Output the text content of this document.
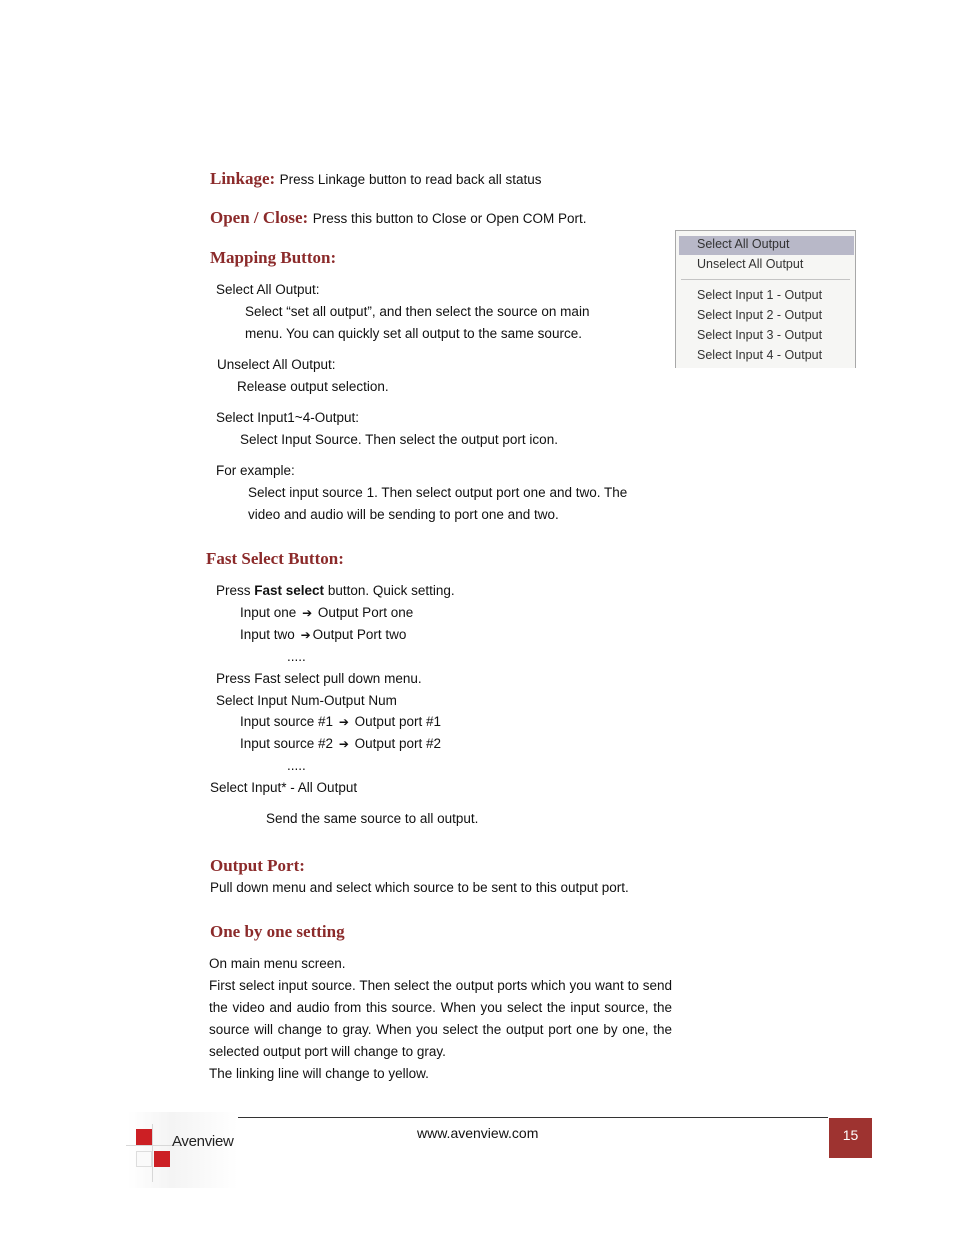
Linkage: Press Linkage button to read back all status
Open / Close: Press this button to Close or Open COM Port.
Mapping Button:
Select All Output:
Select “set all output”, and then select the source on main
menu. You can quickly set all output to the same source.
Unselect All Output:
Release output selection.
Select Input1~4-Output:
Select Input Source. Then select the output port icon.
For example:
Select input source 1. Then select output port one and two. The
video and audio will be sending to port one and two.
Select All Output
Unselect All Output
Select Input 1 - Output
Select Input 2 - Output
Select Input 3 - Output
Select Input 4 - Output
Fast Select Button:
Press Fast select button. Quick setting.
Input one ➔ Output Port one
Input two ➔ Output Port two
.....
Press Fast select pull down menu.
Select Input Num-Output Num
Input source #1 ➔ Output port #1
Input source #2 ➔ Output port #2
.....
Select Input* - All Output
Send the same source to all output.
Output Port:
Pull down menu and select which source to be sent to this output port.
One by one setting
On main menu screen.
First select input source. Then select the output ports which you want to send the video and audio from this source. When you select the input source, the source will change to gray. When you select the output port one by one, the selected output port will change to gray.
The linking line will change to yellow.
Avenview	www.avenview.com	15
